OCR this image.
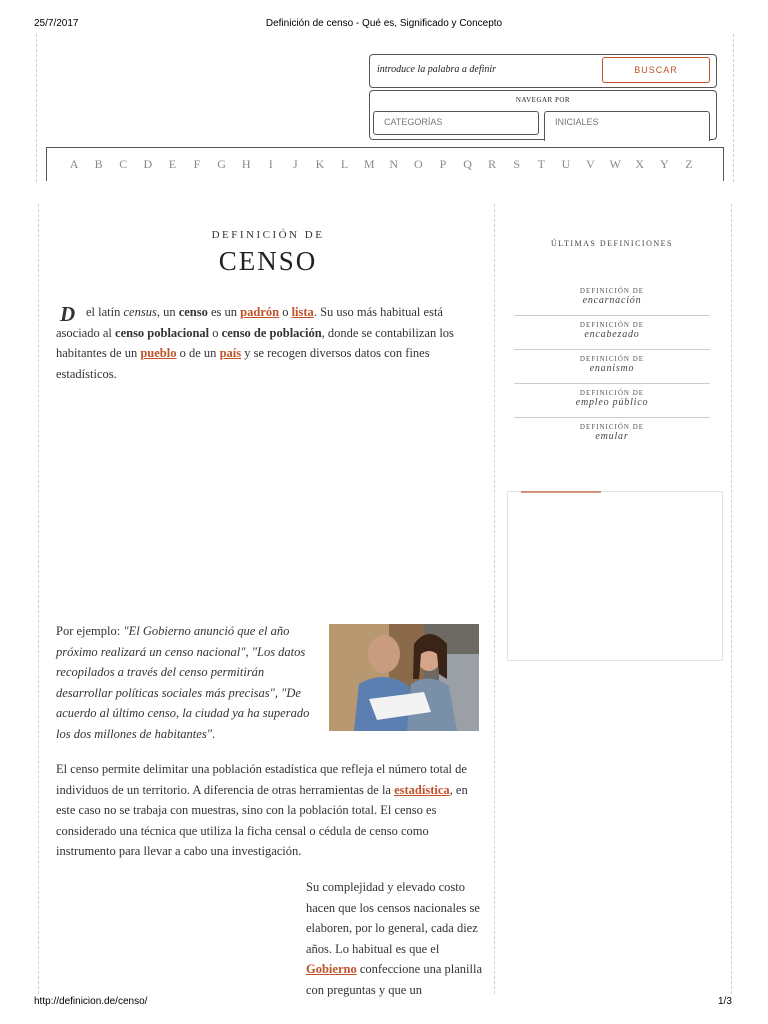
25/7/2017	Definición de censo - Qué es, Significado y Concepto
http://definicion.de/censo/	1/3
introduce la palabra a definir	BUSCAR
NAVEGAR POR
CATEGORÍAS	INICIALES
A	B	C	D	E	F	G	H	I	J	K	L	M	N	O	P	Q	R	S	T	U	V	W	X	Y	Z
DEFINICIÓN DE
CENSO
D el latín census, un censo es un padrón o lista. Su uso más habitual está asociado al censo poblacional o censo de población, donde se contabilizan los habitantes de un pueblo o de un país y se recogen diversos datos con fines estadísticos.
Por ejemplo: "El Gobierno anunció que el año próximo realizará un censo nacional", "Los datos recopilados a través del censo permitirán desarrollar políticas sociales más precisas", "De acuerdo al último censo, la ciudad ya ha superado los dos millones de habitantes".
El censo permite delimitar una población estadística que refleja el número total de individuos de un territorio. A diferencia de otras herramientas de la estadística, en este caso no se trabaja con muestras, sino con la población total. El censo es considerado una técnica que utiliza la ficha censal o cédula de censo como instrumento para llevar a cabo una investigación.
Su complejidad y elevado costo hacen que los censos nacionales se elaboren, por lo general, cada diez años. Lo habitual es que el Gobierno confeccione una planilla con preguntas y que un
ÚLTIMAS DEFINICIONES
DEFINICIÓN DE
encarnación
DEFINICIÓN DE
encabezado
DEFINICIÓN DE
enanismo
DEFINICIÓN DE
empleo público
DEFINICIÓN DE
emular
